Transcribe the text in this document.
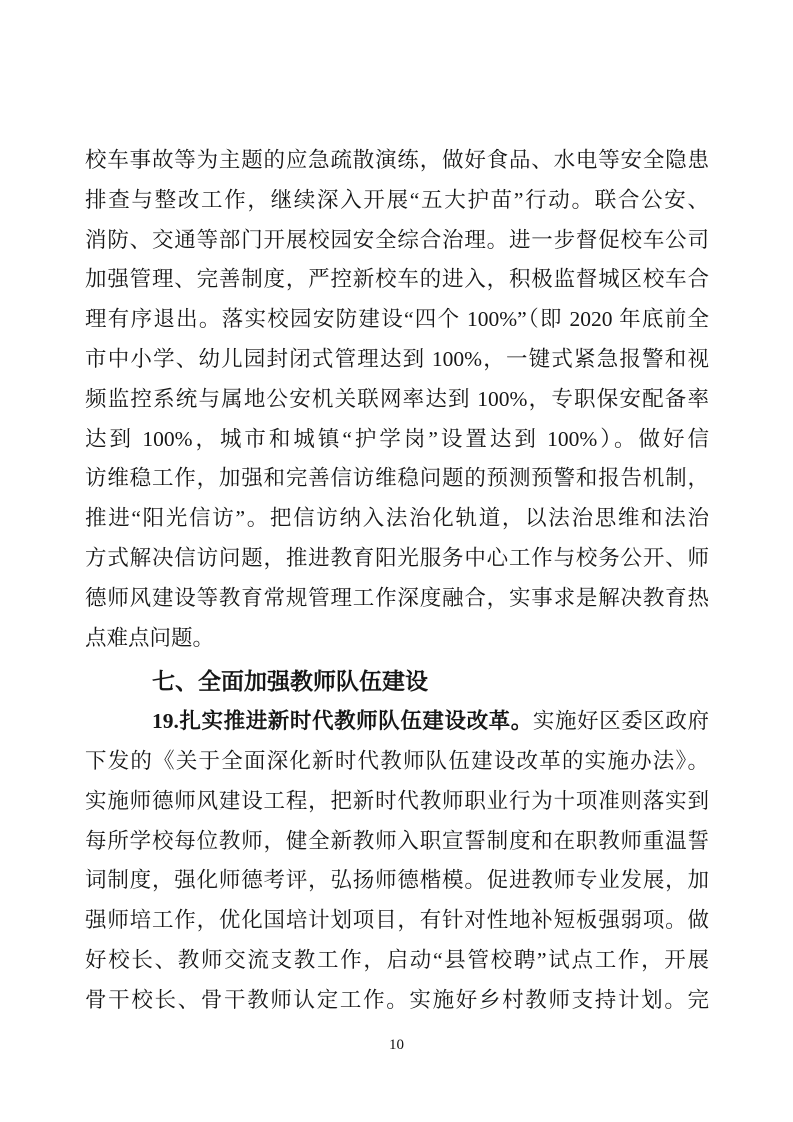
校车事故等为主题的应急疏散演练，做好食品、水电等安全隐患
排查与整改工作，继续深入开展“五大护苗”行动。联合公安、
消防、交通等部门开展校园安全综合治理。进一步督促校车公司
加强管理、完善制度，严控新校车的进入，积极监督城区校车合
理有序退出。落实校园安防建设“四个 100%”（即 2020 年底前全
市中小学、幼儿园封闭式管理达到 100%，一键式紧急报警和视
频监控系统与属地公安机关联网率达到 100%，专职保安配备率
达到 100%，城市和城镇“护学岗”设置达到 100%）。做好信
访维稳工作，加强和完善信访维稳问题的预测预警和报告机制，
推进“阳光信访”。把信访纳入法治化轨道，以法治思维和法治
方式解决信访问题，推进教育阳光服务中心工作与校务公开、师
德师风建设等教育常规管理工作深度融合，实事求是解决教育热
点难点问题。
七、全面加强教师队伍建设
19.扎实推进新时代教师队伍建设改革。实施好区委区政府
下发的《关于全面深化新时代教师队伍建设改革的实施办法》。
实施师德师风建设工程，把新时代教师职业行为十项准则落实到
每所学校每位教师，健全新教师入职宣誓制度和在职教师重温誓
词制度，强化师德考评，弘扬师德楷模。促进教师专业发展，加
强师培工作，优化国培计划项目，有针对性地补短板强弱项。做
好校长、教师交流支教工作，启动“县管校聘”试点工作，开展
骨干校长、骨干教师认定工作。实施好乡村教师支持计划。完
10
